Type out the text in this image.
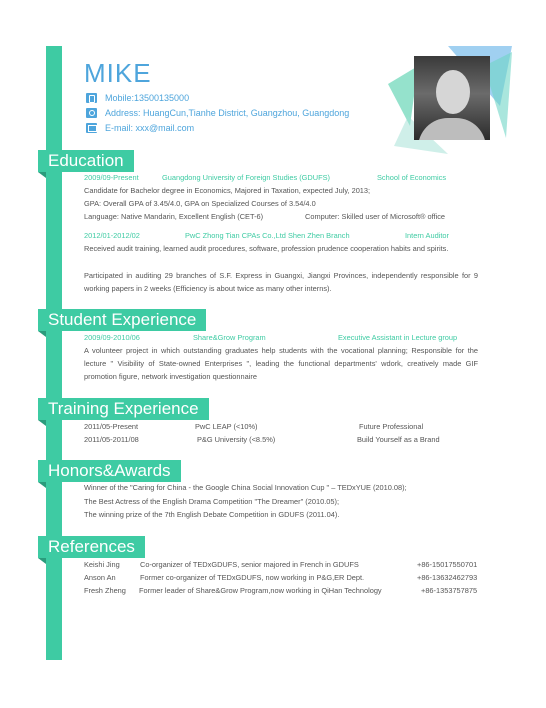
MIKE
Mobile:13500135000
Address: HuangCun,Tianhe District, Guangzhou, Guangdong
E-mail: xxx@mail.com
Education
2009/09-Present	Guangdong University of Foreign Studies (GDUFS)	School of Economics
Candidate for Bachelor degree in Economics, Majored in Taxation, expected July, 2013;
GPA: Overall GPA of 3.45/4.0, GPA on Specialized Courses of 3.54/4.0
Language: Native Mandarin, Excellent English (CET-6)	Computer: Skilled user of Microsoft® office
2012/01-2012/02	PwC Zhong Tian CPAs Co.,Ltd Shen Zhen Branch	Intern Auditor
Received audit training, learned audit procedures, software, profession prudence cooperation habits and spirits.
Participated in auditing 29 branches of S.F. Express in Guangxi, Jiangxi Provinces, independently responsible for 9 working papers in 2 weeks (Efficiency is about twice as many other interns).
Student Experience
2009/09-2010/06	Share&Grow Program	Executive Assistant in Lecture group
A volunteer project in which outstanding graduates help students with the vocational planning; Responsible for the lecture " Visibility of State-owned Enterprises ", leading the functional departments' wdork, creatively made GIF promotion figure, network investigation questionnaire
Training Experience
2011/05-Present	PwC LEAP (<10%)	Future Professional
2011/05-2011/08	P&G University (<8.5%)	Build Yourself as a Brand
Honors&Awards
Winner of the "Caring for China - the Google China Social Innovation Cup " – TEDxYUE (2010.08);
The Best Actress of the English Drama Competition "The Dreamer" (2010.05);
The winning prize of the 7th English Debate Competition in GDUFS (2011.04).
References
Keishi Jing	Co-organizer of TEDxGDUFS, senior majored in French in GDUFS	+86-15017550701
Anson An	Former co-organizer of TEDxGDUFS, now working in P&G,ER Dept.	+86-13632462793
Fresh Zheng Former leader of Share&Grow Program,now working in QiHan Technology	+86-1353757875
